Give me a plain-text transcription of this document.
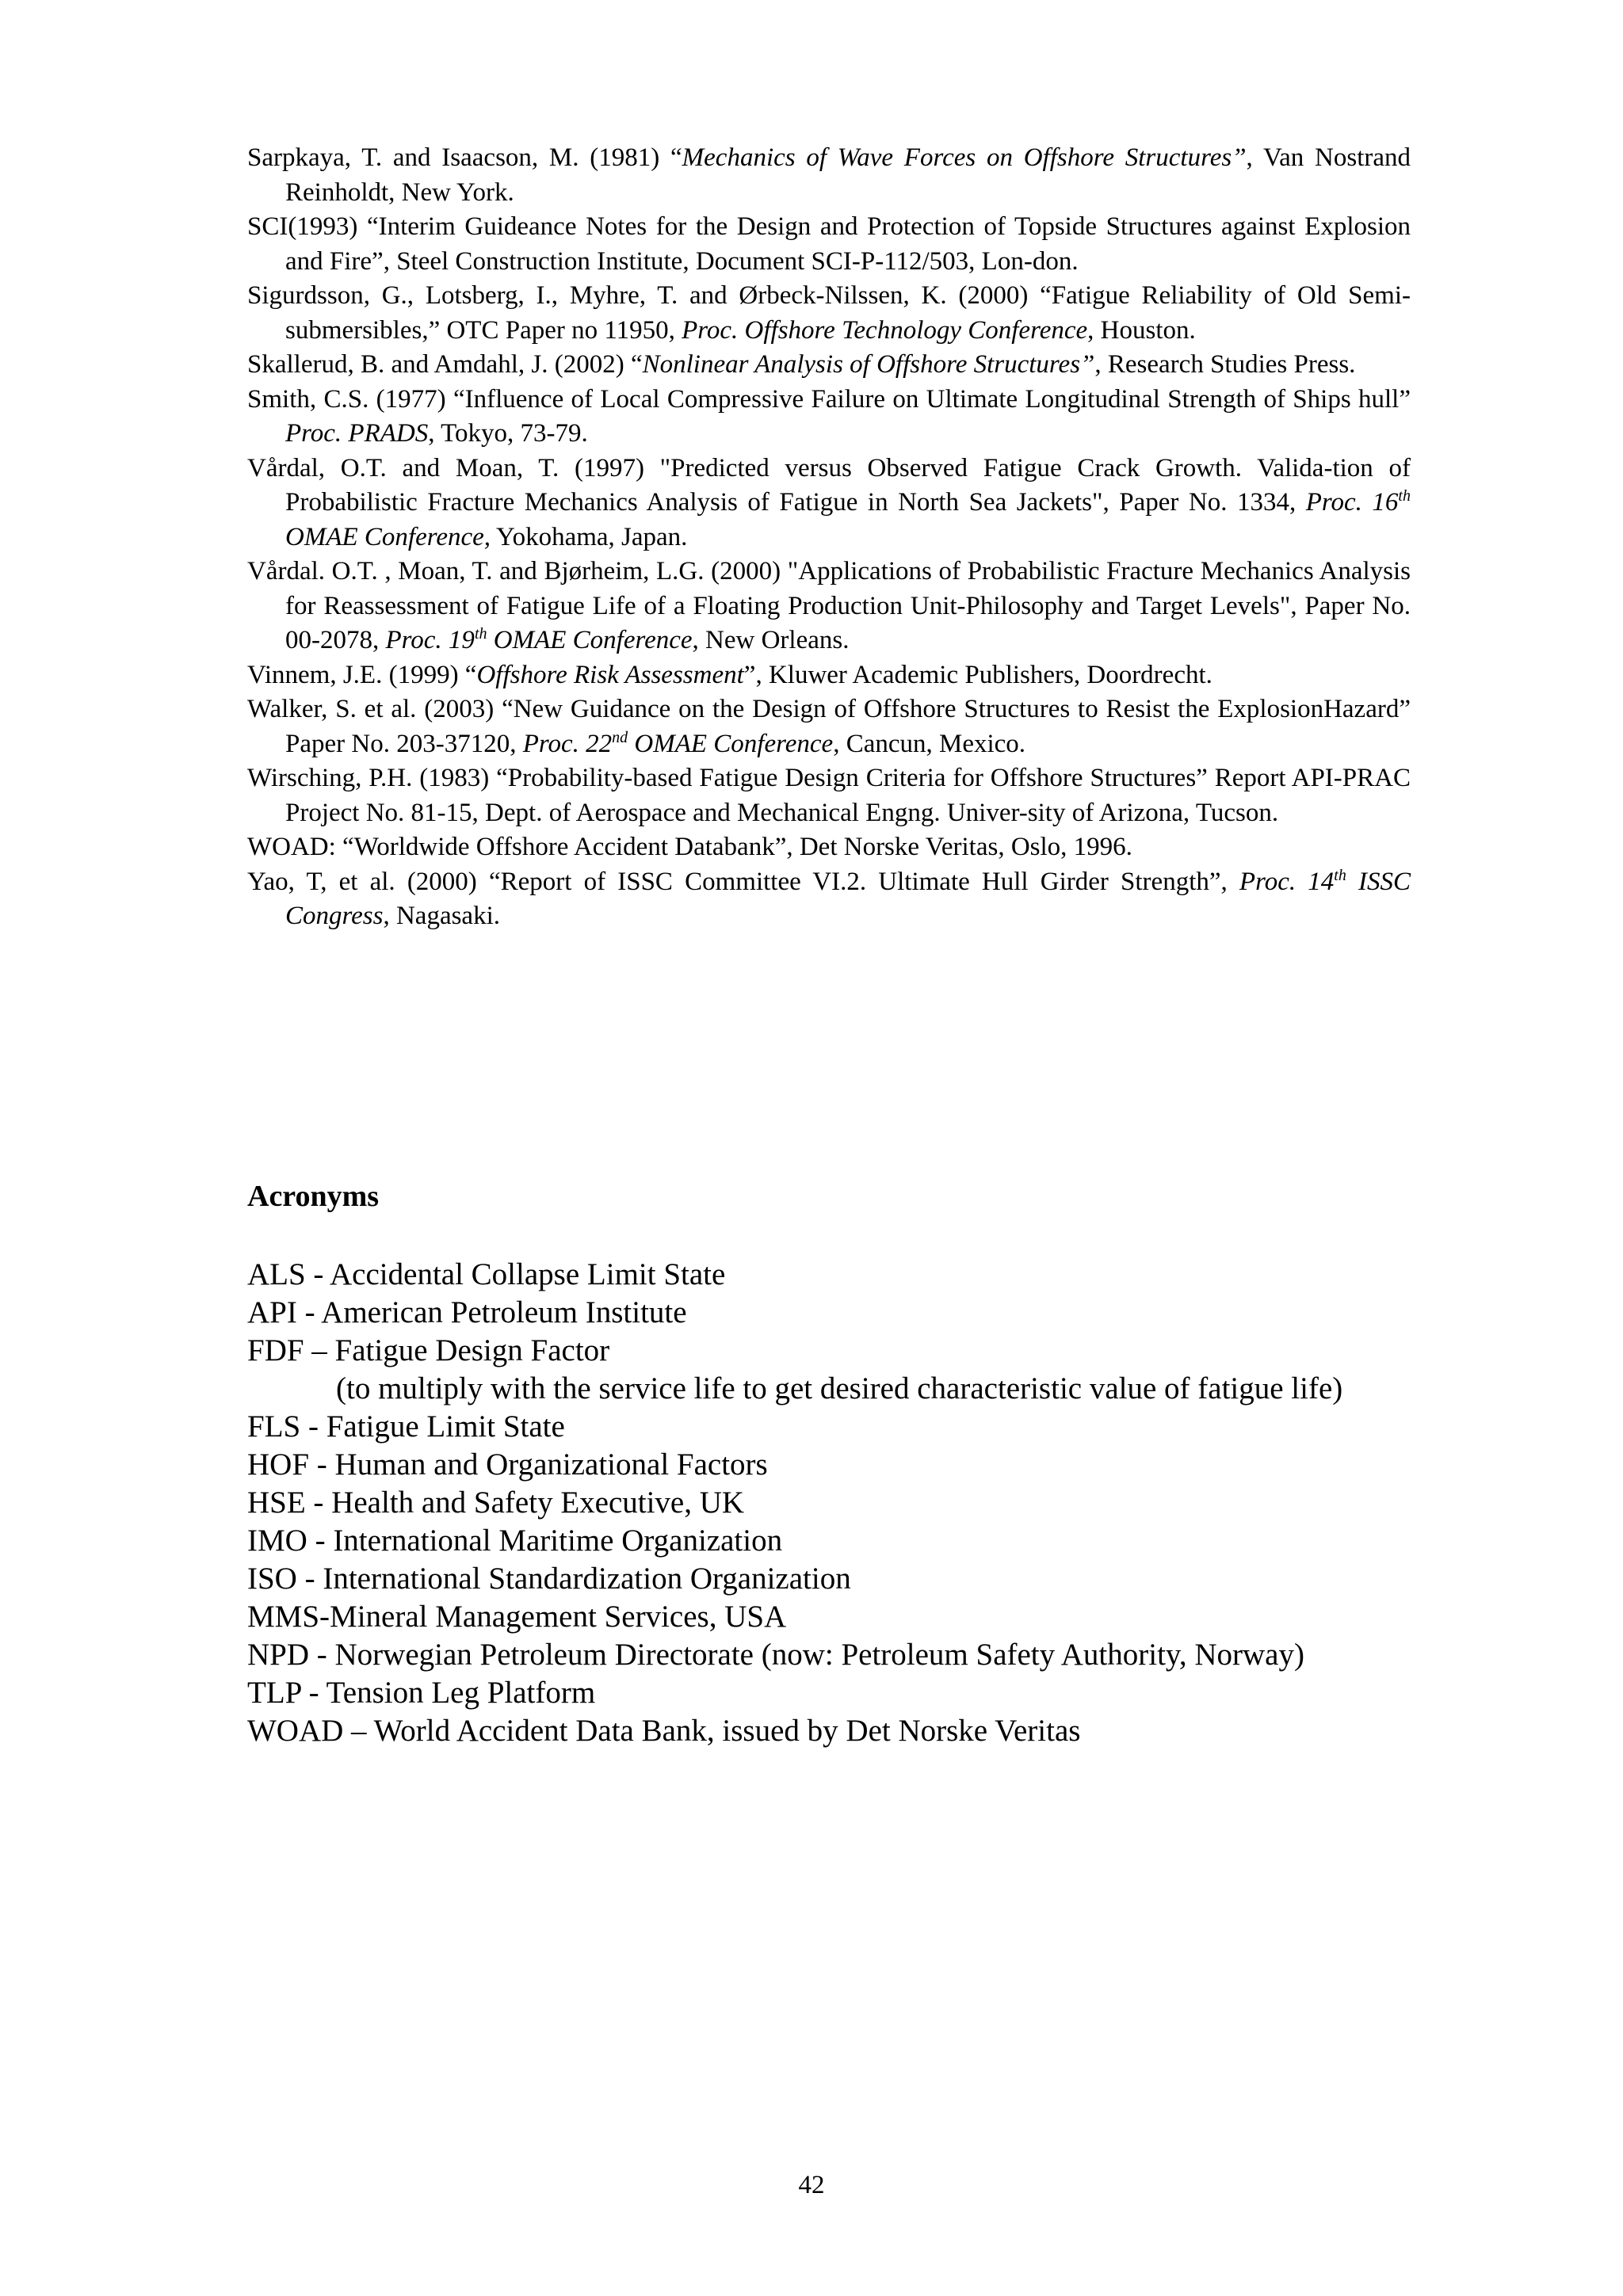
Sarpkaya, T. and Isaacson, M. (1981) “Mechanics of Wave Forces on Offshore Structures”, Van Nostrand Reinholdt, New York.

SCI(1993) “Interim Guideance Notes for the Design and Protection of Topside Structures against Explosion and Fire”, Steel Construction Institute, Document SCI-P-112/503, Lon-don.

Sigurdsson, G., Lotsberg, I., Myhre, T. and Ørbeck-Nilssen, K. (2000) “Fatigue Reliability of Old Semi-submersibles,” OTC Paper no 11950, Proc. Offshore Technology Conference, Houston.

Skallerud, B. and Amdahl, J. (2002) “Nonlinear Analysis of Offshore Structures”, Research Studies Press.

Smith, C.S. (1977) “Influence of Local Compressive Failure on Ultimate Longitudinal Strength of Ships hull” Proc. PRADS, Tokyo, 73-79.

Vårdal, O.T. and Moan, T. (1997) "Predicted versus Observed Fatigue Crack Growth. Valida-tion of Probabilistic Fracture Mechanics Analysis of Fatigue in North Sea Jackets", Paper No. 1334, Proc. 16th OMAE Conference, Yokohama, Japan.

Vårdal. O.T. , Moan, T. and Bjørheim, L.G. (2000) "Applications of Probabilistic Fracture Mechanics Analysis for Reassessment of Fatigue Life of a Floating Production Unit-Philosophy and Target Levels", Paper No. 00-2078, Proc. 19th OMAE Conference, New Orleans.

Vinnem, J.E. (1999) “Offshore Risk Assessment”, Kluwer Academic Publishers, Doordrecht.

Walker, S. et al. (2003) “New Guidance on the Design of Offshore Structures to Resist the ExplosionHazard” Paper No. 203-37120, Proc. 22nd OMAE Conference, Cancun, Mexico.

Wirsching, P.H. (1983) “Probability-based Fatigue Design Criteria for Offshore Structures” Report API-PRAC Project No. 81-15, Dept. of Aerospace and Mechanical Engng. Univer-sity of Arizona, Tucson.

WOAD: “Worldwide Offshore Accident Databank”, Det Norske Veritas, Oslo, 1996.

Yao, T, et al. (2000) “Report of ISSC Committee VI.2. Ultimate Hull Girder Strength”, Proc. 14th ISSC Congress, Nagasaki.

Acronyms

ALS - Accidental Collapse Limit State

API - American Petroleum Institute

FDF – Fatigue Design Factor

(to multiply with the service life to get desired characteristic value of fatigue life)

FLS - Fatigue Limit State

HOF - Human and Organizational Factors

HSE - Health and Safety Executive, UK

IMO - International Maritime Organization

ISO - International Standardization Organization

MMS-Mineral Management Services, USA

NPD - Norwegian Petroleum Directorate (now: Petroleum Safety Authority, Norway)

TLP - Tension Leg Platform

WOAD – World Accident Data Bank, issued by Det Norske Veritas

42
